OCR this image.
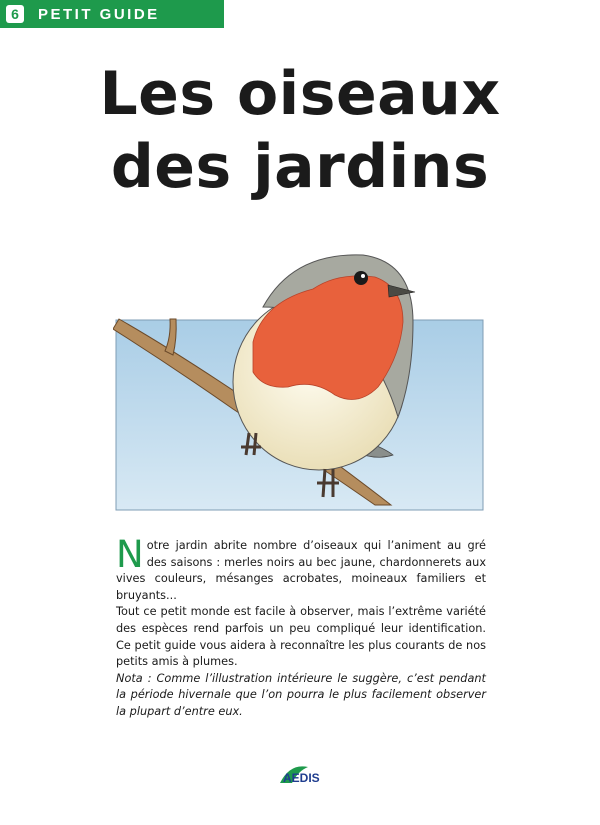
6	PETIT GUIDE
Les oiseaux
des jardins

Notre jardin abrite nombre d’oiseaux qui l’animent au gré des saisons : merles noirs au bec jaune, chardonnerets aux vives couleurs, mésanges acrobates, moineaux familiers et bruyants...

Tout ce petit monde est facile à observer, mais l’extrême variété des espèces rend parfois un peu compliqué leur identification. Ce petit guide vous aidera à reconnaître les plus courants de nos petits amis à plumes.

Nota : Comme l’illustration intérieure le suggère, c’est pendant la période hivernale que l’on pourra le plus facilement observer la plupart d’entre eux.

AEDIS
